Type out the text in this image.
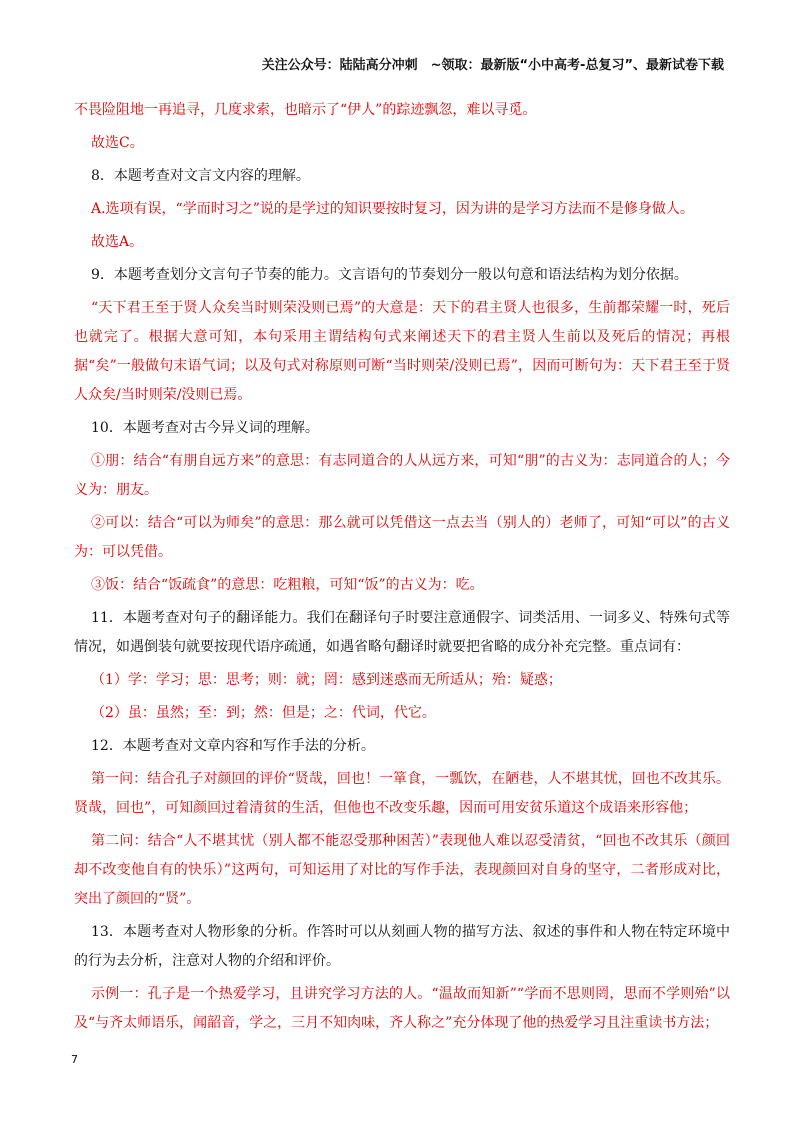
关注公众号：陆陆高分冲刺　~领取：最新版“小中高考-总复习”、最新试卷下载

不畏险阻地一再追寻，几度求索，也暗示了“伊人”的踪迹飘忽，难以寻觅。

故选C。

8．本题考查对文言文内容的理解。

A.选项有误，“学而时习之”说的是学过的知识要按时复习，因为讲的是学习方法而不是修身做人。

故选A。

9．本题考查划分文言句子节奏的能力。文言语句的节奏划分一般以句意和语法结构为划分依据。

“天下君王至于贤人众矣当时则荣没则已焉”的大意是：天下的君主贤人也很多，生前都荣耀一时，死后也就完了。根据大意可知，本句采用主谓结构句式来阐述天下的君主贤人生前以及死后的情况；再根据“矣”一般做句末语气词；以及句式对称原则可断“当时则荣/没则已焉”，因而可断句为：天下君王至于贤人众矣/当时则荣/没则已焉。

10．本题考查对古今异义词的理解。

①朋：结合“有朋自远方来”的意思：有志同道合的人从远方来，可知“朋”的古义为：志同道合的人；今义为：朋友。

②可以：结合“可以为师矣”的意思：那么就可以凭借这一点去当（别人的）老师了，可知“可以”的古义为：可以凭借。

③饭：结合“饭疏食”的意思：吃粗粮，可知“饭”的古义为：吃。

11．本题考查对句子的翻译能力。我们在翻译句子时要注意通假字、词类活用、一词多义、特殊句式等情况，如遇倒装句就要按现代语序疏通，如遇省略句翻译时就要把省略的成分补充完整。重点词有：

（1）学：学习；思：思考；则：就；罔：感到迷惑而无所适从；殆：疑惑；

（2）虽：虽然；至：到；然：但是；之：代词，代它。

12．本题考查对文章内容和写作手法的分析。

第一问：结合孔子对颜回的评价“贤哉，回也！一箪食，一瓢饮，在陋巷，人不堪其忧，回也不改其乐。贤哉，回也”，可知颜回过着清贫的生活，但他也不改变乐趣，因而可用安贫乐道这个成语来形容他；

第二问：结合“人不堪其忧（别人都不能忍受那种困苦）”表现他人难以忍受清贫，“回也不改其乐（颜回却不改变他自有的快乐）”这两句，可知运用了对比的写作手法，表现颜回对自身的坚守，二者形成对比，突出了颜回的“贤”。

13．本题考查对人物形象的分析。作答时可以从刻画人物的描写方法、叙述的事件和人物在特定环境中的行为去分析，注意对人物的介绍和评价。

示例一：孔子是一个热爱学习，且讲究学习方法的人。“温故而知新”“学而不思则罔，思而不学则殆”以及“与齐太师语乐，闻韶音，学之，三月不知肉味，齐人称之”充分体现了他的热爱学习且注重读书方法；

7
